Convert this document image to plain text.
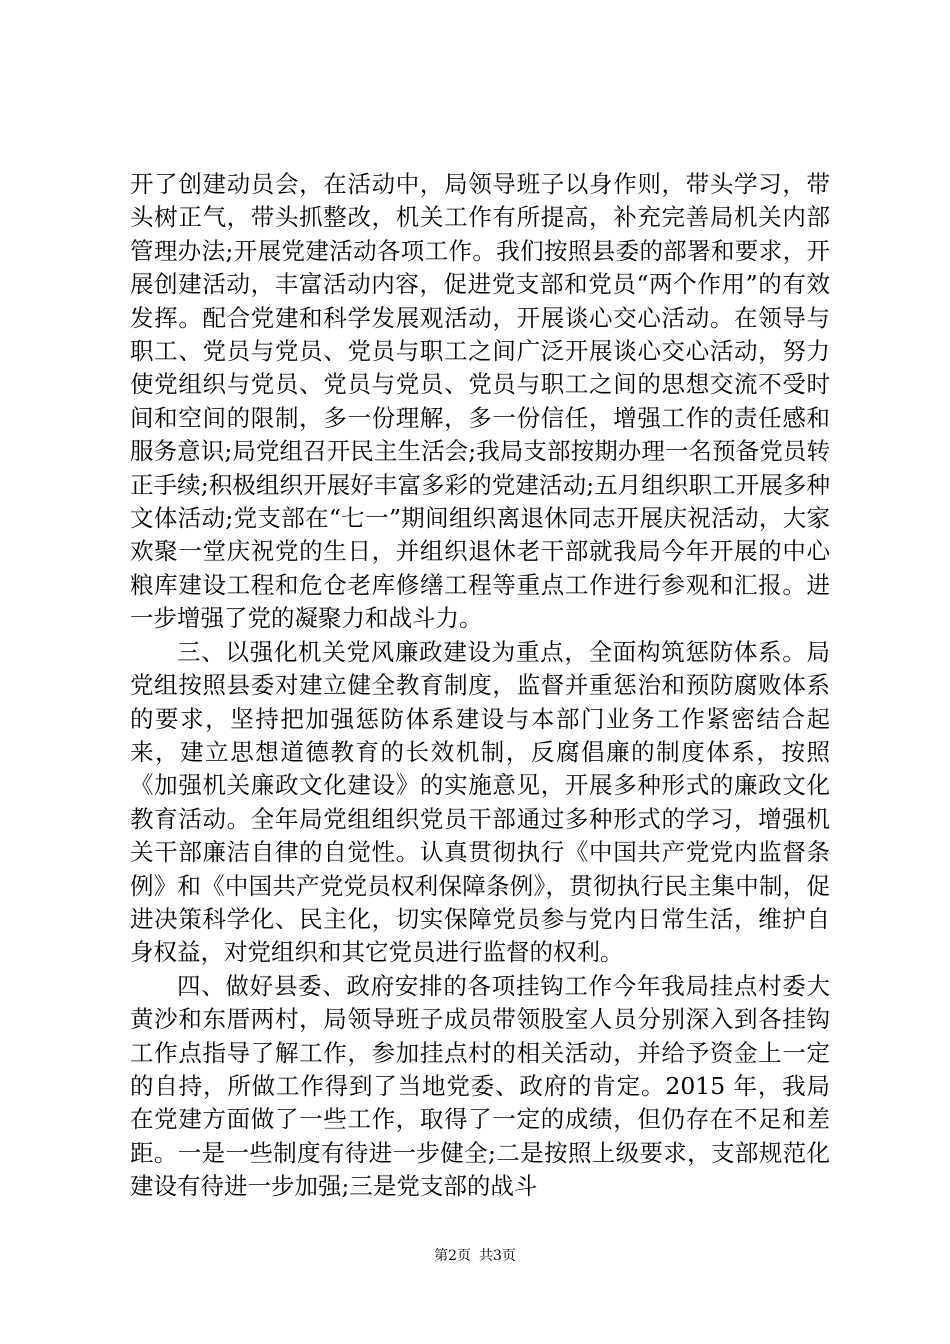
开了创建动员会，在活动中，局领导班子以身作则，带头学习，带头树正气，带头抓整改，机关工作有所提高，补充完善局机关内部管理办法;开展党建活动各项工作。我们按照县委的部署和要求，开展创建活动，丰富活动内容，促进党支部和党员“两个作用”的有效发挥。配合党建和科学发展观活动，开展谈心交心活动。在领导与职工、党员与党员、党员与职工之间广泛开展谈心交心活动，努力使党组织与党员、党员与党员、党员与职工之间的思想交流不受时间和空间的限制，多一份理解，多一份信任，增强工作的责任感和服务意识;局党组召开民主生活会;我局支部按期办理一名预备党员转正手续;积极组织开展好丰富多彩的党建活动;五月组织职工开展多种文体活动;党支部在“七一”期间组织离退休同志开展庆祝活动，大家欢聚一堂庆祝党的生日，并组织退休老干部就我局今年开展的中心粮库建设工程和危仓老库修缮工程等重点工作进行参观和汇报。进一步增强了党的凝聚力和战斗力。

三、以强化机关党风廉政建设为重点，全面构筑惩防体系。局党组按照县委对建立健全教育制度，监督并重惩治和预防腐败体系的要求，坚持把加强惩防体系建设与本部门业务工作紧密结合起来，建立思想道德教育的长效机制，反腐倡廉的制度体系，按照《加强机关廉政文化建设》的实施意见，开展多种形式的廉政文化教育活动。全年局党组组织党员干部通过多种形式的学习，增强机关干部廉洁自律的自觉性。认真贯彻执行《中国共产党党内监督条例》和《中国共产党党员权利保障条例》，贯彻执行民主集中制，促进决策科学化、民主化，切实保障党员参与党内日常生活，维护自身权益，对党组织和其它党员进行监督的权利。

四、做好县委、政府安排的各项挂钩工作今年我局挂点村委大黄沙和东厝两村，局领导班子成员带领股室人员分别深入到各挂钩工作点指导了解工作，参加挂点村的相关活动，并给予资金上一定的自持，所做工作得到了当地党委、政府的肯定。2015 年，我局在党建方面做了一些工作，取得了一定的成绩，但仍存在不足和差距。一是一些制度有待进一步健全;二是按照上级要求，支部规范化建设有待进一步加强;三是党支部的战斗

第2页 共3页
